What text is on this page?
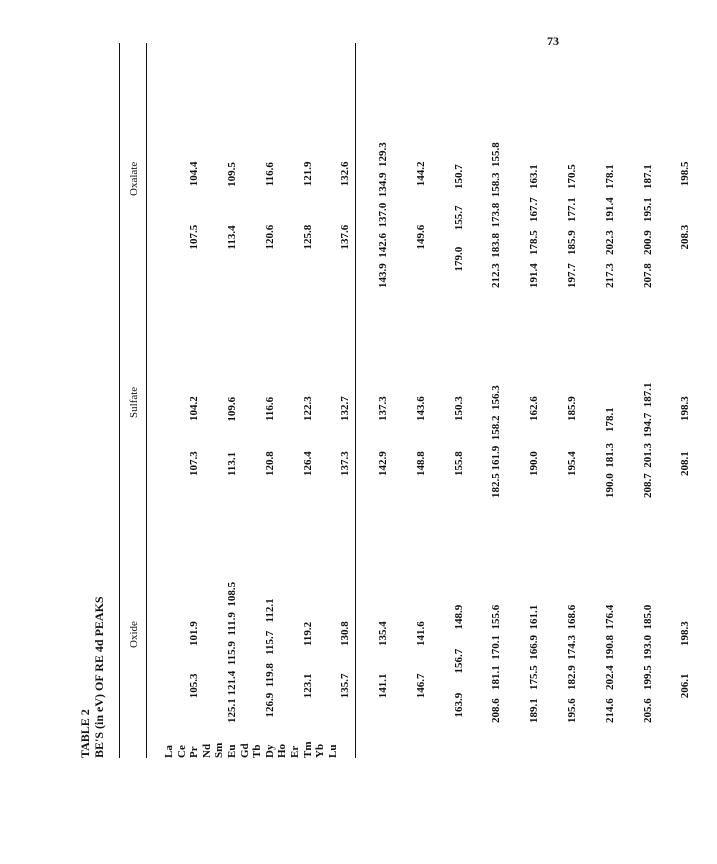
73
TABLE 2 BE'S (in eV) OF RE 4d PEAKS Oxide
Sulfate
Oxalate
La Ce Pr Nd Sm Eu Gd Tb Dy Ho Er Tm Yb Lu

105.3          101.9

125.1 121.4  115.9  111.9  108.5

126.9  119.8   115.7   112.1

123.1          119.2

135.7          130.8

141.1          135.4

146.7          141.6

163.9       156.7       148.9

208.6   181.1  170.1  155.6

189.1   175.5  166.9  161.1

195.6   182.9  174.3  168.6

214.6   202.4  190.8  176.4

205.6   199.5  193.0  185.0

206.1          198.3

107.3           104.2

113.1           109.6

120.8           116.6

126.4           122.3

137.3           132.7

142.9           137.3

148.8           143.6

155.8           150.3

182.5 161.9  158.2  156.3

190.0           162.6

195.4           185.9

190.0  181.3    178.1

208.7  201.3  194.7  187.1

208.1           198.3

107.5              104.4

113.4              109.5

120.6              116.6

125.8              121.9

137.6              132.6

143.9  142.6  137.0  134.9  129.3

149.6              144.2

179.0      155.7      150.7

212.3  183.8  173.8  158.3  155.8

191.4   178.5   167.7   163.1

197.7   185.9   177.1   170.5

217.3   202.3   191.4   178.1

207.8   200.9   195.1   187.1

208.3              198.5
